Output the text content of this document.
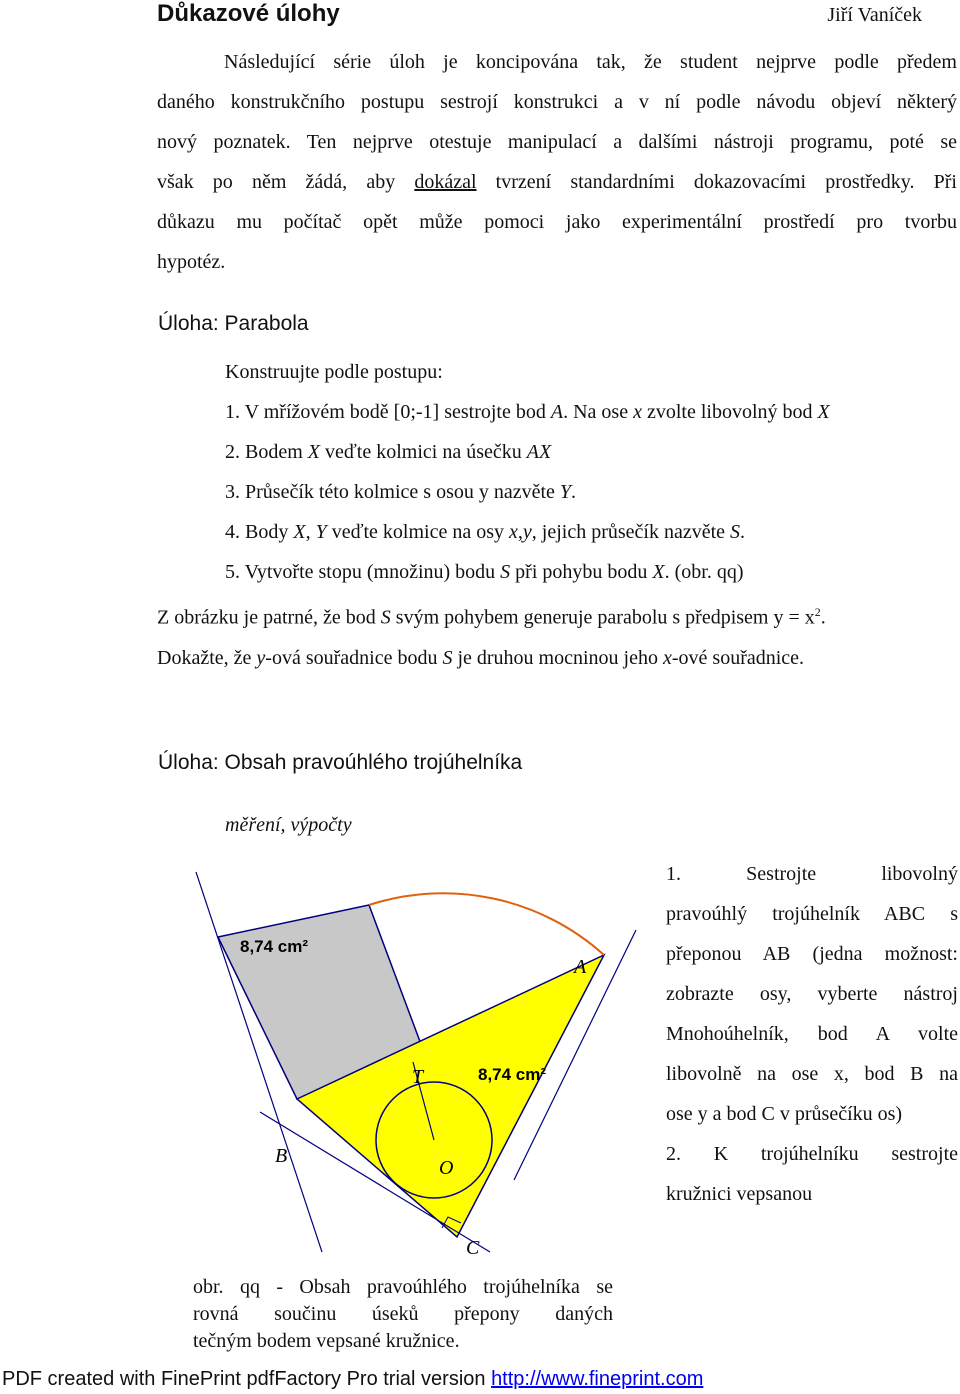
Důkazové úlohy	Jiří Vaníček
Následující série úloh je koncipována tak, že student nejprve podle předem
daného konstrukčního postupu sestrojí konstrukci a v ní podle návodu objeví některý
nový poznatek. Ten nejprve otestuje manipulací a dalšími nástroji programu, poté se
však po něm žádá, aby dokázal tvrzení standardními dokazovacími prostředky. Při
důkazu mu počítač opět může pomoci jako experimentální prostředí pro tvorbu
hypotéz.
Úloha: Parabola
Konstruujte podle postupu:
1. V mřížovém bodě [0;-1] sestrojte bod A. Na ose x zvolte libovolný bod X
2. Bodem X veďte kolmici na úsečku AX
3. Průsečík této kolmice s osou y nazvěte Y.
4. Body X, Y veďte kolmice na osy x,y, jejich průsečík nazvěte S.
5. Vytvořte stopu (množinu) bodu S při pohybu bodu X. (obr. qq)
Z obrázku je patrné, že bod S svým pohybem generuje parabolu s předpisem $y = x^2$.
Dokažte, že y-ová souřadnice bodu S je druhou mocninou jeho x-ové souřadnice.
Úloha: Obsah pravoúhlého trojúhelníka
měření, výpočty
8,74 cm²
8,74 cm²
A
T
B
O
C
1. Sestrojte libovolný
pravoúhlý trojúhelník ABC s
přeponou AB (jedna možnost:
zobrazte osy, vyberte nástroj
Mnohoúhelník, bod A volte
libovolně na ose x, bod B na
ose y a bod C v průsečíku os)
2. K trojúhelníku sestrojte
kružnici vepsanou
obr. qq - Obsah pravoúhlého trojúhelníka se
rovná součinu úseků přepony daných
tečným bodem vepsané kružnice.
PDF created with FinePrint pdfFactory Pro trial version http://www.fineprint.com
